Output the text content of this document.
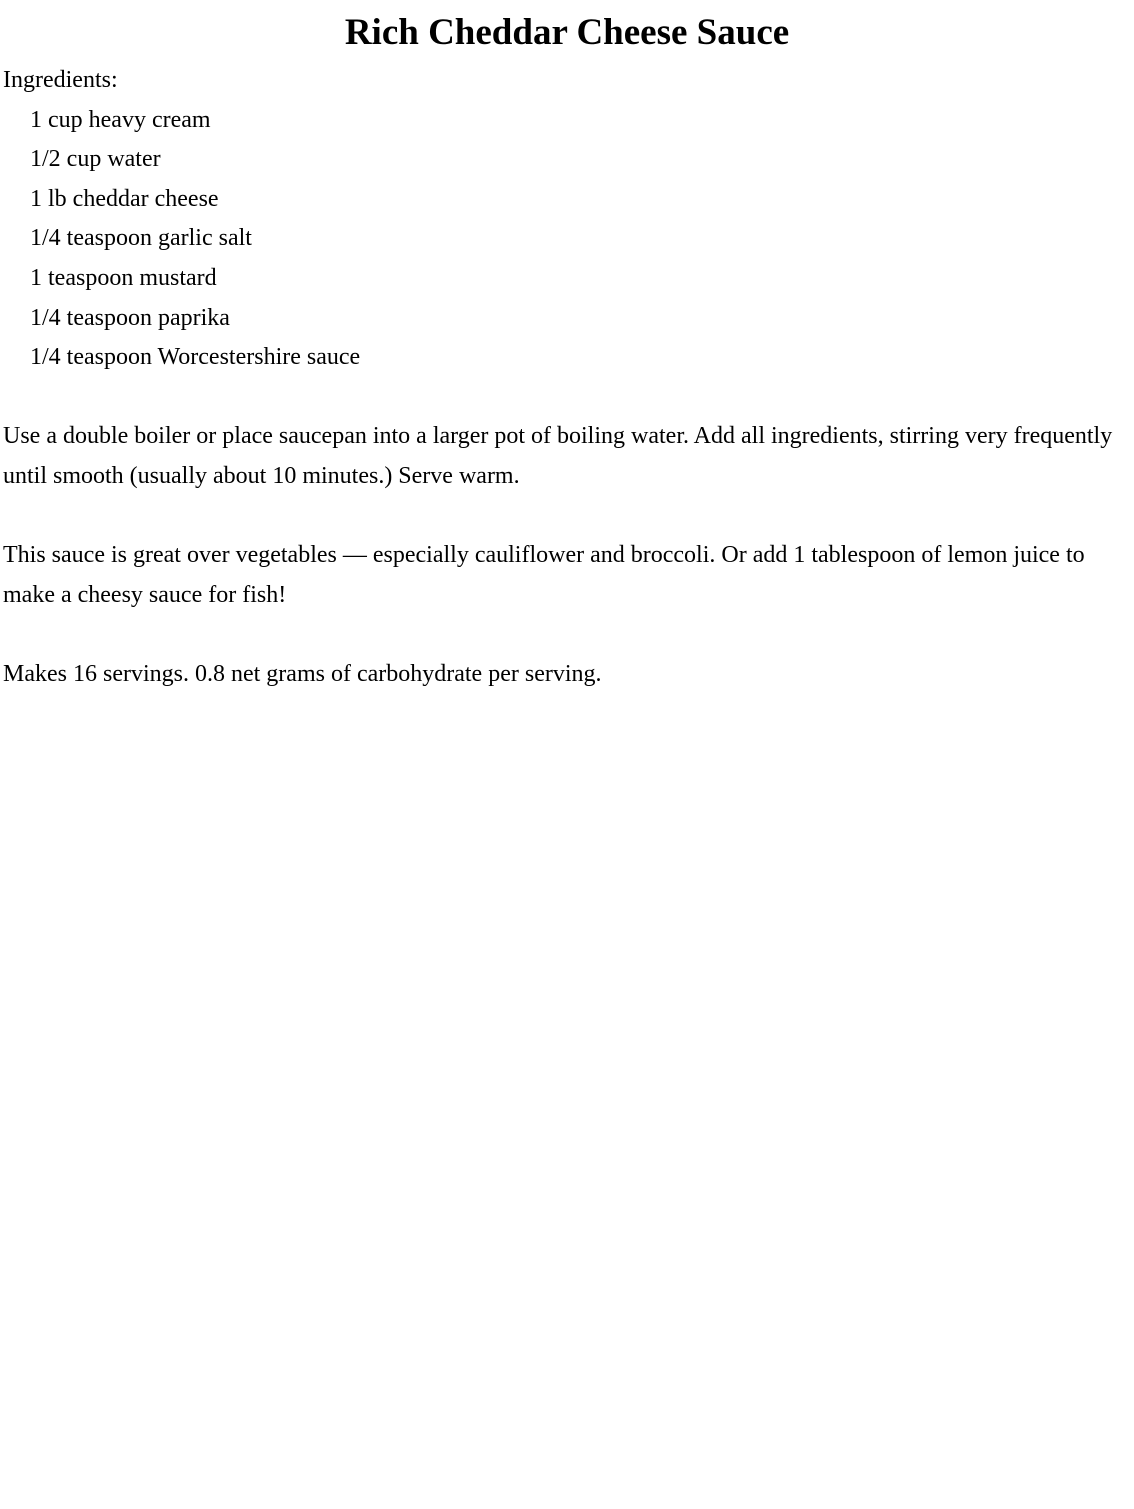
Rich Cheddar Cheese Sauce

Ingredients:

1 cup heavy cream
1/2 cup water
1 lb cheddar cheese
1/4 teaspoon garlic salt
1 teaspoon mustard
1/4 teaspoon paprika
1/4 teaspoon Worcestershire sauce

Use a double boiler or place saucepan into a larger pot of boiling water. Add all ingredients, stirring very frequently until smooth (usually about 10 minutes.) Serve warm.

This sauce is great over vegetables — especially cauliflower and broccoli. Or add 1 tablespoon of lemon juice to make a cheesy sauce for fish!

Makes 16 servings. 0.8 net grams of carbohydrate per serving.
